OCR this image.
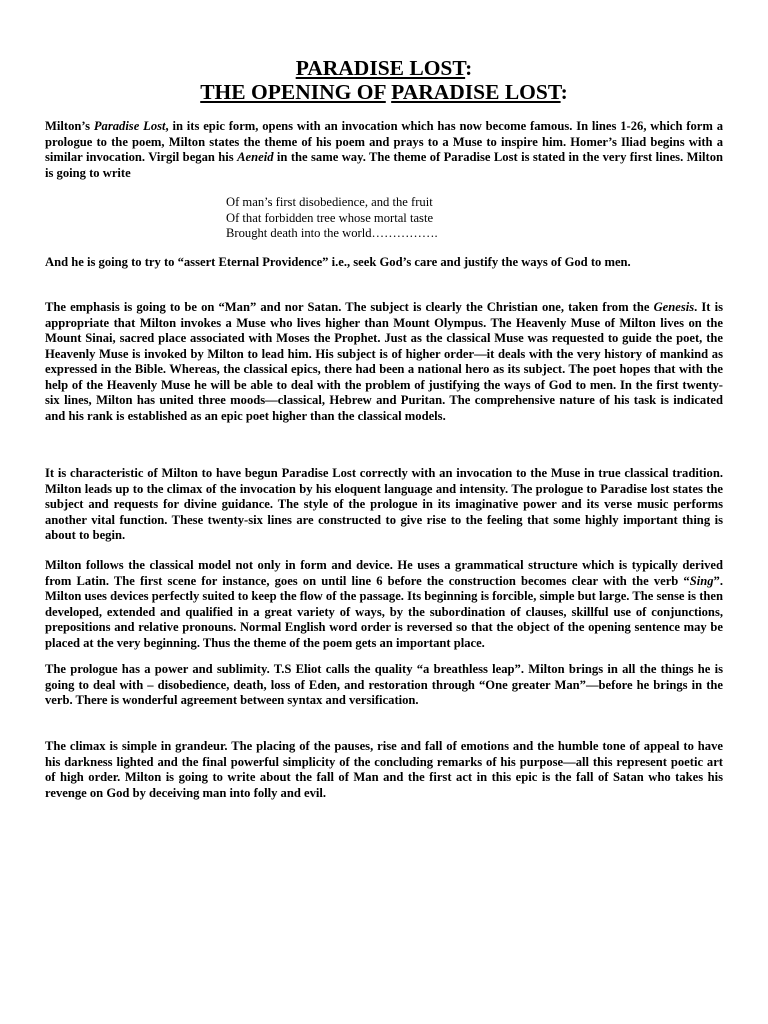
PARADISE LOST:
THE OPENING OF PARADISE LOST:

Milton’s Paradise Lost, in its epic form, opens with an invocation which has now become famous. In lines 1-26, which form a prologue to the poem, Milton states the theme of his poem and prays to a Muse to inspire him. Homer’s Iliad begins with a similar invocation. Virgil began his Aeneid in the same way. The theme of Paradise Lost is stated in the very first lines. Milton is going to write

Of man’s first disobedience, and the fruit
Of that forbidden tree whose mortal taste
Brought death into the world…………….

And he is going to try to “assert Eternal Providence” i.e., seek God’s care and justify the ways of God to men.

The emphasis is going to be on “Man” and nor Satan. The subject is clearly the Christian one, taken from the Genesis. It is appropriate that Milton invokes a Muse who lives higher than Mount Olympus. The Heavenly Muse of Milton lives on the Mount Sinai, sacred place associated with Moses the Prophet. Just as the classical Muse was requested to guide the poet, the Heavenly Muse is invoked by Milton to lead him. His subject is of higher order—it deals with the very history of mankind as expressed in the Bible. Whereas, the classical epics, there had been a national hero as its subject. The poet hopes that with the help of the Heavenly Muse he will be able to deal with the problem of justifying the ways of God to men. In the first twenty- six lines, Milton has united three moods—classical, Hebrew and Puritan. The comprehensive nature of his task is indicated and his rank is established as an epic poet higher than the classical models.

It is characteristic of Milton to have begun Paradise Lost correctly with an invocation to the Muse in true classical tradition. Milton leads up to the climax of the invocation by his eloquent language and intensity. The prologue to Paradise lost states the subject and requests for divine guidance. The style of the prologue in its imaginative power and its verse music performs another vital function. These twenty-six lines are constructed to give rise to the feeling that some highly important thing is about to begin.

Milton follows the classical model not only in form and device. He uses a grammatical structure which is typically derived from Latin. The first scene for instance, goes on until line 6 before the construction becomes clear with the verb “Sing”. Milton uses devices perfectly suited to keep the flow of the passage. Its beginning is forcible, simple but large. The sense is then developed, extended and qualified in a great variety of ways, by the subordination of clauses, skillful use of conjunctions, prepositions and relative pronouns. Normal English word order is reversed so that the object of the opening sentence may be placed at the very beginning. Thus the theme of the poem gets an important place.

The prologue has a power and sublimity. T.S Eliot calls the quality “a breathless leap”. Milton brings in all the things he is going to deal with – disobedience, death, loss of Eden, and restoration through “One greater Man”—before he brings in the verb. There is wonderful agreement between syntax and versification.

The climax is simple in grandeur. The placing of the pauses, rise and fall of emotions and the humble tone of appeal to have his darkness lighted and the final powerful simplicity of the concluding remarks of his purpose—all this represent poetic art of high order. Milton is going to write about the fall of Man and the first act in this epic is the fall of Satan who takes his revenge on God by deceiving man into folly and evil.
